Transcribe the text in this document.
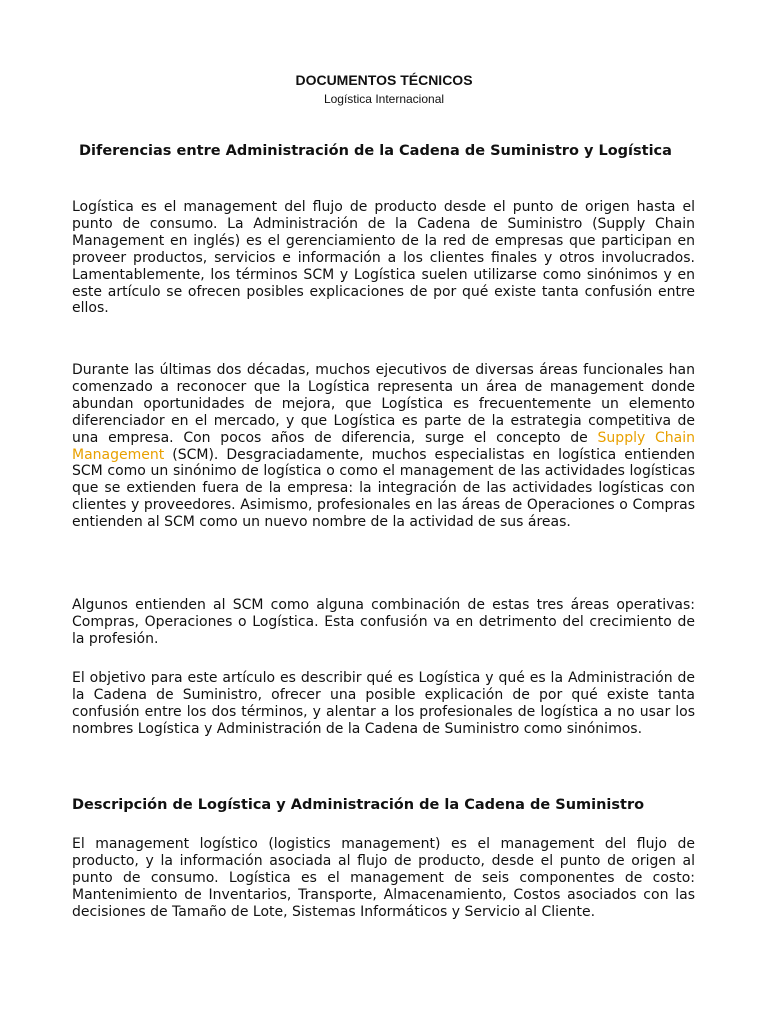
DOCUMENTOS TÉCNICOS
Logística Internacional
Diferencias entre Administración de la Cadena de Suministro y Logística

Logística es el management del flujo de producto desde el punto de origen hasta el punto de consumo. La Administración de la Cadena de Suministro (Supply Chain Management en inglés) es el gerenciamiento de la red de empresas que participan en proveer productos, servicios e información a los clientes finales y otros involucrados. Lamentablemente, los términos SCM y Logística suelen utilizarse como sinónimos y en este artículo se ofrecen posibles explicaciones de por qué existe tanta confusión entre ellos.

Durante las últimas dos décadas, muchos ejecutivos de diversas áreas funcionales han comenzado a reconocer que la Logística representa un área de management donde abundan oportunidades de mejora, que Logística es frecuentemente un elemento diferenciador en el mercado, y que Logística es parte de la estrategia competitiva de una empresa. Con pocos años de diferencia, surge el concepto de Supply Chain Management (SCM). Desgraciadamente, muchos especialistas en logística entienden SCM como un sinónimo de logística o como el management de las actividades logísticas que se extienden fuera de la empresa: la integración de las actividades logísticas con clientes y proveedores. Asimismo, profesionales en las áreas de Operaciones o Compras entienden al SCM como un nuevo nombre de la actividad de sus áreas.

Algunos entienden al SCM como alguna combinación de estas tres áreas operativas: Compras, Operaciones o Logística. Esta confusión va en detrimento del crecimiento de la profesión.

El objetivo para este artículo es describir qué es Logística y qué es la Administración de la Cadena de Suministro, ofrecer una posible explicación de por qué existe tanta confusión entre los dos términos, y alentar a los profesionales de logística a no usar los nombres Logística y Administración de la Cadena de Suministro como sinónimos.

Descripción de Logística y Administración de la Cadena de Suministro

El management logístico (logistics management) es el management del flujo de producto, y la información asociada al flujo de producto, desde el punto de origen al punto de consumo. Logística es el management de seis componentes de costo: Mantenimiento de Inventarios, Transporte, Almacenamiento, Costos asociados con las decisiones de Tamaño de Lote, Sistemas Informáticos y Servicio al Cliente.
